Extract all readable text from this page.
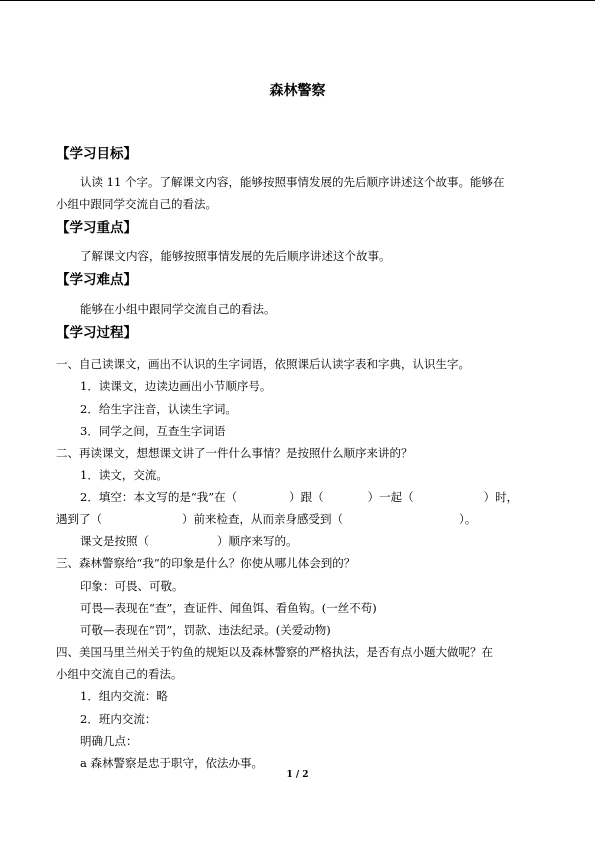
森林警察
【学习目标】
认读 11 个字。了解课文内容，能够按照事情发展的先后顺序讲述这个故事。能够在
小组中跟同学交流自己的看法。
【学习重点】
了解课文内容，能够按照事情发展的先后顺序讲述这个故事。
【学习难点】
能够在小组中跟同学交流自己的看法。
【学习过程】
一、自己读课文，画出不认识的生字词语，依照课后认读字表和字典，认识生字。
1．读课文，边读边画出小节顺序号。
2．给生字注音，认读生字词。
3．同学之间，互查生字词语
二、再读课文，想想课文讲了一件什么事情？是按照什么顺序来讲的？
1．读文，交流。
2．填空：本文写的是“我”在（	）跟（	）一起（	）时，
遇到了（	）前来检查，从而亲身感受到（	）。
课文是按照（	）顺序来写的。
三、森林警察给“我”的印象是什么？你使从哪儿体会到的？
印象：可畏、可敬。
可畏—表现在“查”，查证件、闻鱼饵、看鱼钩。(一丝不苟)
可敬—表现在“罚”，罚款、违法纪录。(关爱动物)
四、美国马里兰州关于钓鱼的规矩以及森林警察的严格执法，是否有点小题大做呢？在
小组中交流自己的看法。
1．组内交流：略
2．班内交流：
明确几点：
a 森林警察是忠于职守，依法办事。
1 / 2
